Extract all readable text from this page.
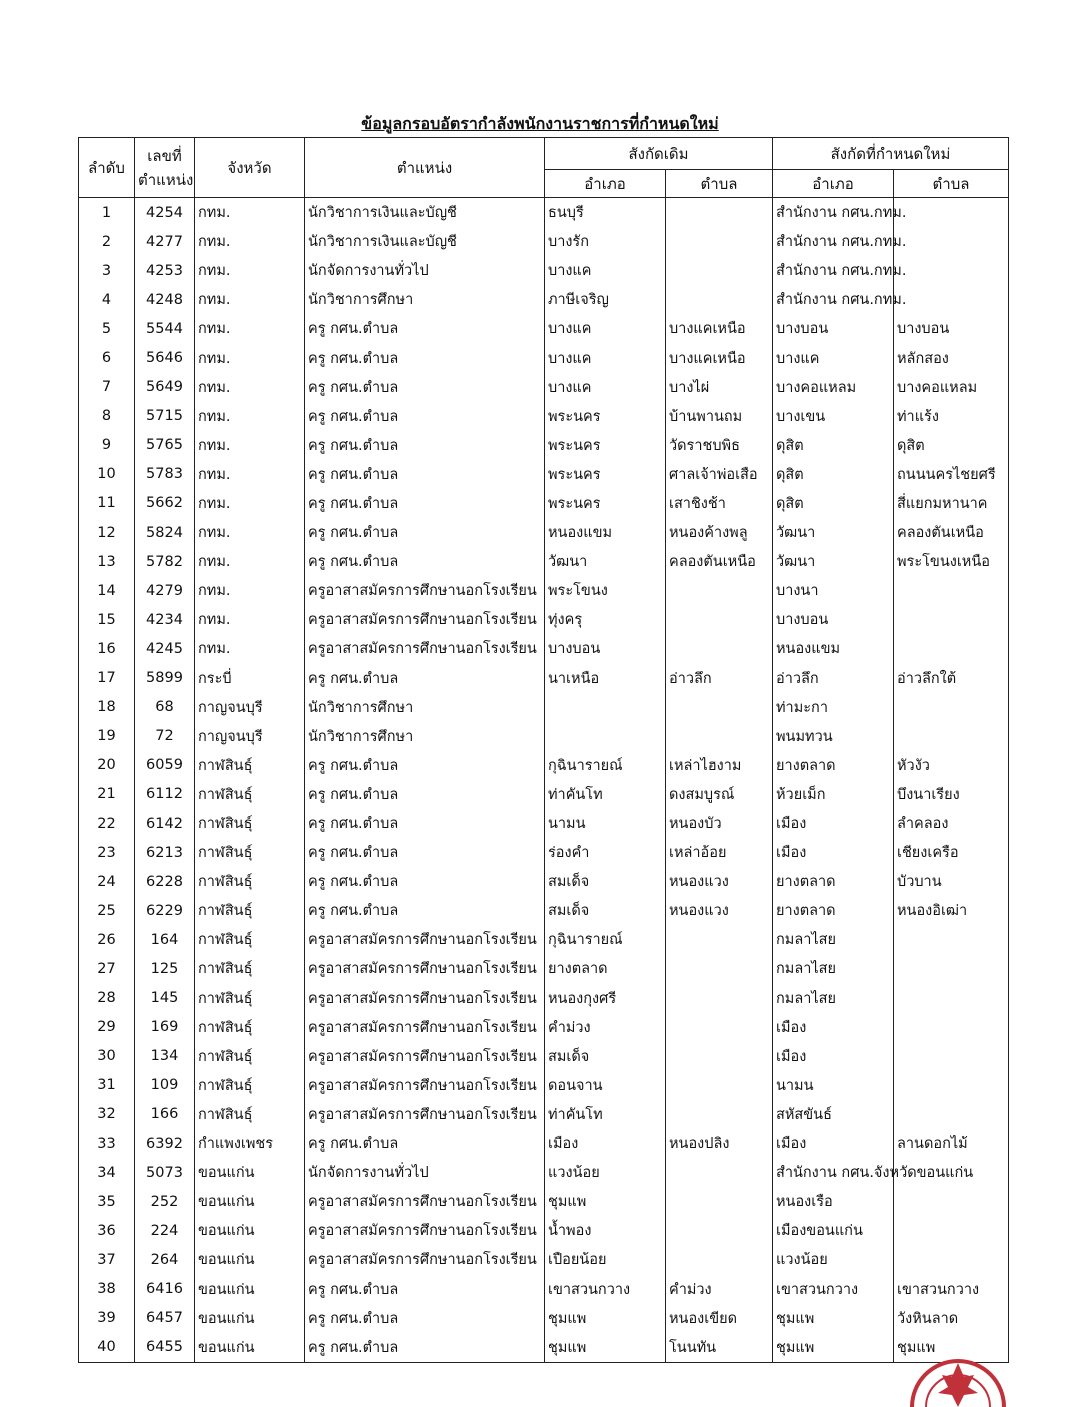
ข้อมูลกรอบอัตรากำลังพนักงานราชการที่กำหนดใหม่
ลำดับ	เลขที่ ตำแหน่ง	จังหวัด	ตำแหน่ง	สังกัดเดิม		สังกัดที่กำหนดใหม่	
				อำเภอ	ตำบล	อำเภอ	ตำบล
1	4254	กทม.	นักวิชาการเงินและบัญชี	ธนบุรี		สำนักงาน กศน.กทม.	
2	4277	กทม.	นักวิชาการเงินและบัญชี	บางรัก		สำนักงาน กศน.กทม.	
3	4253	กทม.	นักจัดการงานทั่วไป	บางแค		สำนักงาน กศน.กทม.	
4	4248	กทม.	นักวิชาการศึกษา	ภาษีเจริญ		สำนักงาน กศน.กทม.	
5	5544	กทม.	ครู กศน.ตำบล	บางแค	บางแคเหนือ	บางบอน	บางบอน
6	5646	กทม.	ครู กศน.ตำบล	บางแค	บางแคเหนือ	บางแค	หลักสอง
7	5649	กทม.	ครู กศน.ตำบล	บางแค	บางไผ่	บางคอแหลม	บางคอแหลม
8	5715	กทม.	ครู กศน.ตำบล	พระนคร	บ้านพานถม	บางเขน	ท่าแร้ง
9	5765	กทม.	ครู กศน.ตำบล	พระนคร	วัดราชบพิธ	ดุสิต	ดุสิต
10	5783	กทม.	ครู กศน.ตำบล	พระนคร	ศาลเจ้าพ่อเสือ	ดุสิต	ถนนนครไชยศรี
11	5662	กทม.	ครู กศน.ตำบล	พระนคร	เสาชิงช้า	ดุสิต	สี่แยกมหานาค
12	5824	กทม.	ครู กศน.ตำบล	หนองแขม	หนองค้างพลู	วัฒนา	คลองตันเหนือ
13	5782	กทม.	ครู กศน.ตำบล	วัฒนา	คลองตันเหนือ	วัฒนา	พระโขนงเหนือ
14	4279	กทม.	ครูอาสาสมัครการศึกษานอกโรงเรียน	พระโขนง		บางนา	
15	4234	กทม.	ครูอาสาสมัครการศึกษานอกโรงเรียน	ทุ่งครุ		บางบอน	
16	4245	กทม.	ครูอาสาสมัครการศึกษานอกโรงเรียน	บางบอน		หนองแขม	
17	5899	กระบี่	ครู กศน.ตำบล	นาเหนือ	อ่าวลึก	อ่าวลึก	อ่าวลึกใต้
18	68	กาญจนบุรี	นักวิชาการศึกษา			ท่ามะกา	
19	72	กาญจนบุรี	นักวิชาการศึกษา			พนมทวน	
20	6059	กาฬสินธุ์	ครู กศน.ตำบล	กุฉินารายณ์	เหล่าไฮงาม	ยางตลาด	หัวงัว
21	6112	กาฬสินธุ์	ครู กศน.ตำบล	ท่าคันโท	ดงสมบูรณ์	ห้วยเม็ก	บึงนาเรียง
22	6142	กาฬสินธุ์	ครู กศน.ตำบล	นามน	หนองบัว	เมือง	ลำคลอง
23	6213	กาฬสินธุ์	ครู กศน.ตำบล	ร่องคำ	เหล่าอ้อย	เมือง	เชียงเครือ
24	6228	กาฬสินธุ์	ครู กศน.ตำบล	สมเด็จ	หนองแวง	ยางตลาด	บัวบาน
25	6229	กาฬสินธุ์	ครู กศน.ตำบล	สมเด็จ	หนองแวง	ยางตลาด	หนองอิเฒ่า
26	164	กาฬสินธุ์	ครูอาสาสมัครการศึกษานอกโรงเรียน	กุฉินารายณ์		กมลาไสย	
27	125	กาฬสินธุ์	ครูอาสาสมัครการศึกษานอกโรงเรียน	ยางตลาด		กมลาไสย	
28	145	กาฬสินธุ์	ครูอาสาสมัครการศึกษานอกโรงเรียน	หนองกุงศรี		กมลาไสย	
29	169	กาฬสินธุ์	ครูอาสาสมัครการศึกษานอกโรงเรียน	คำม่วง		เมือง	
30	134	กาฬสินธุ์	ครูอาสาสมัครการศึกษานอกโรงเรียน	สมเด็จ		เมือง	
31	109	กาฬสินธุ์	ครูอาสาสมัครการศึกษานอกโรงเรียน	ดอนจาน		นามน	
32	166	กาฬสินธุ์	ครูอาสาสมัครการศึกษานอกโรงเรียน	ท่าคันโท		สหัสขันธ์	
33	6392	กำแพงเพชร	ครู กศน.ตำบล	เมือง	หนองปลิง	เมือง	ลานดอกไม้
34	5073	ขอนแก่น	นักจัดการงานทั่วไป	แวงน้อย		สำนักงาน กศน.จังหวัดขอนแก่น	
35	252	ขอนแก่น	ครูอาสาสมัครการศึกษานอกโรงเรียน	ชุมแพ		หนองเรือ	
36	224	ขอนแก่น	ครูอาสาสมัครการศึกษานอกโรงเรียน	น้ำพอง		เมืองขอนแก่น	
37	264	ขอนแก่น	ครูอาสาสมัครการศึกษานอกโรงเรียน	เปือยน้อย		แวงน้อย	
38	6416	ขอนแก่น	ครู กศน.ตำบล	เขาสวนกวาง	คำม่วง	เขาสวนกวาง	เขาสวนกวาง
39	6457	ขอนแก่น	ครู กศน.ตำบล	ชุมแพ	หนองเขียด	ชุมแพ	วังหินลาด
40	6455	ขอนแก่น	ครู กศน.ตำบล	ชุมแพ	โนนทัน	ชุมแพ	ชุมแพ
